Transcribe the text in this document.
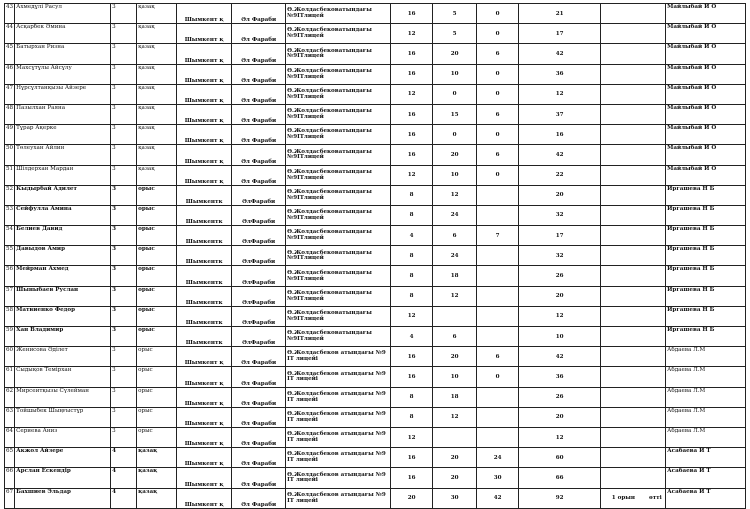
43	Ахмедұлі Расул	3	қазақ	Шымкент қ	Әл Фараби	Ө.Жолдасбековатындағы №9ІТлицей	16	5	0	21			Майлыбай И О
44	Асқарбек Әмина	3	қазақ	Шымкент қ	Әл Фараби	Ө.Жолдасбековатындағы №9ІТлицей	12	5	0	17			Майлыбай И О
45	Батырхан Ризна	3	қазақ	Шымкент қ	Әл Фараби	Ө.Жолдасбековатындағы №9ІТлицей	16	20	6	42			Майлыбай И О
46	Махсұтұлы Айсұлу	3	қазақ	Шымкент қ	Әл Фараби	Ө.Жолдасбековатындағы №9ІТлицей	16	10	0	36			Майлыбай И О
47	Нұрсұлтанқызы Айзере	3	қазақ	Шымкент қ	Әл Фараби	Ө.Жолдасбековатындағы №9ІТлицей	12	0	0	12			Майлыбай И О
48	Пазылхан Раяна	3	қазақ	Шымкент қ	Әл Фараби	Ө.Жолдасбековатындағы №9ІТлицей	16	15	6	37			Майлыбай И О
49	Тұрар Ақерке	3	қазақ	Шымкент қ	Әл Фараби	Ө.Жолдасбековатындағы №9ІТлицей	16	0	0	16			Майлыбай И О
50	Төлеухан Айлин	3	қазақ	Шымкент қ	Әл Фараби	Ө.Жолдасбековатындағы №9ІТлицей	16	20	6	42			Майлыбай И О
51	Шілдерхан Мардан	3	қазақ	Шымкент қ	Әл Фараби	Ө.Жолдасбековатындағы №9ІТлицей	12	10	0	22			Майлыбай И О
52	Кыдырбай Адилет	3	орыс	Шымкентк	ӘлФараби	Ө.Жолдасбековатындағы №9ІТлицей	8	12		20			Иргашева Н Б
53	Сейфулла Амина	3	орыс	Шымкентк	ӘлФараби	Ө.Жолдасбековатындағы №9ІТлицей	8	24		32			Иргашева Н Б
54	Белиев Давид	3	орыс	Шымкентк	ӘлФараби	Ө.Жолдасбековатындағы №9ІТлицей	4	6	7	17			Иргашева Н Б
55	Давыдов Амир	3	орыс	Шымкентк	ӘлФараби	Ө.Жолдасбековатындағы №9ІТлицей	8	24		32			Иргашева Н Б
56	Мейрман Ахмед	3	орыс	Шымкентк	ӘлФараби	Ө.Жолдасбековатындағы №9ІТлицей	8	18		26			Иргашева Н Б
57	Шыныбаев Руслан	3	орыс	Шымкентк	ӘлФараби	Ө.Жолдасбековатындағы №9ІТлицей	8	12		20			Иргашева Н Б
58	Матвиенко Федор	3	орыс	Шымкентк	ӘлФараби	Ө.Жолдасбековатындағы №9ІТлицей	12			12			Иргашева Н Б
59	Хан Владимир	3	орыс	Шымкентк	ӘлФараби	Ө.Жолдасбековатындағы №9ІТлицей	4	6		10			Иргашева Н Б
60	Женисова Әділет	3	орыс	Шымкент қ	Әл Фараби	Ө.Жолдасбеков атындағы №9 ІТ лицейі	16	20	6	42			Абдаева Л.М
61	Сыдықов Темірхан	3	орыс	Шымкент қ	Әл Фараби	Ө.Жолдасбеков атындағы №9 ІТ лицейі	16	10	0	36			Абдаева Л.М
62	Мирсеитқызы Сүлейман	3	орыс	Шымкент қ	Әл Фараби	Ө.Жолдасбеков атындағы №9 ІТ лицейі	8	18		26			Абдаева Л.М
63	Тойшыбек Шыңғыстұр	3	орыс	Шымкент қ	Әл Фараби	Ө.Жолдасбеков атындағы №9 ІТ лицейі	8	12		20			Абдаева Л.М
64	Сериева Аниз	3	орыс	Шымкент қ	Әл Фараби	Ө.Жолдасбеков атындағы №9 ІТ лицейі	12			12			Абдаева Л.М
65	Акжол Айзере	4	қазақ	Шымкент қ	Әл Фараби	Ө.Жолдасбеков атындағы №9 ІТ лицейі	16	20	24	60			Асабаева И Т
66	Арслан Ескендір	4	қазақ	Шымкент қ	Әл Фараби	Ө.Жолдасбеков атындағы №9 ІТ лицейі	16	20	30	66			Асабаева И Т
67	Бахшиев Эльдар	4	қазақ	Шымкент қ	Әл Фараби	Ө.Жолдасбеков атындағы №9 ІТ лицейі	20	30	42	92	1 орын	өтті	Асабаева И Т
